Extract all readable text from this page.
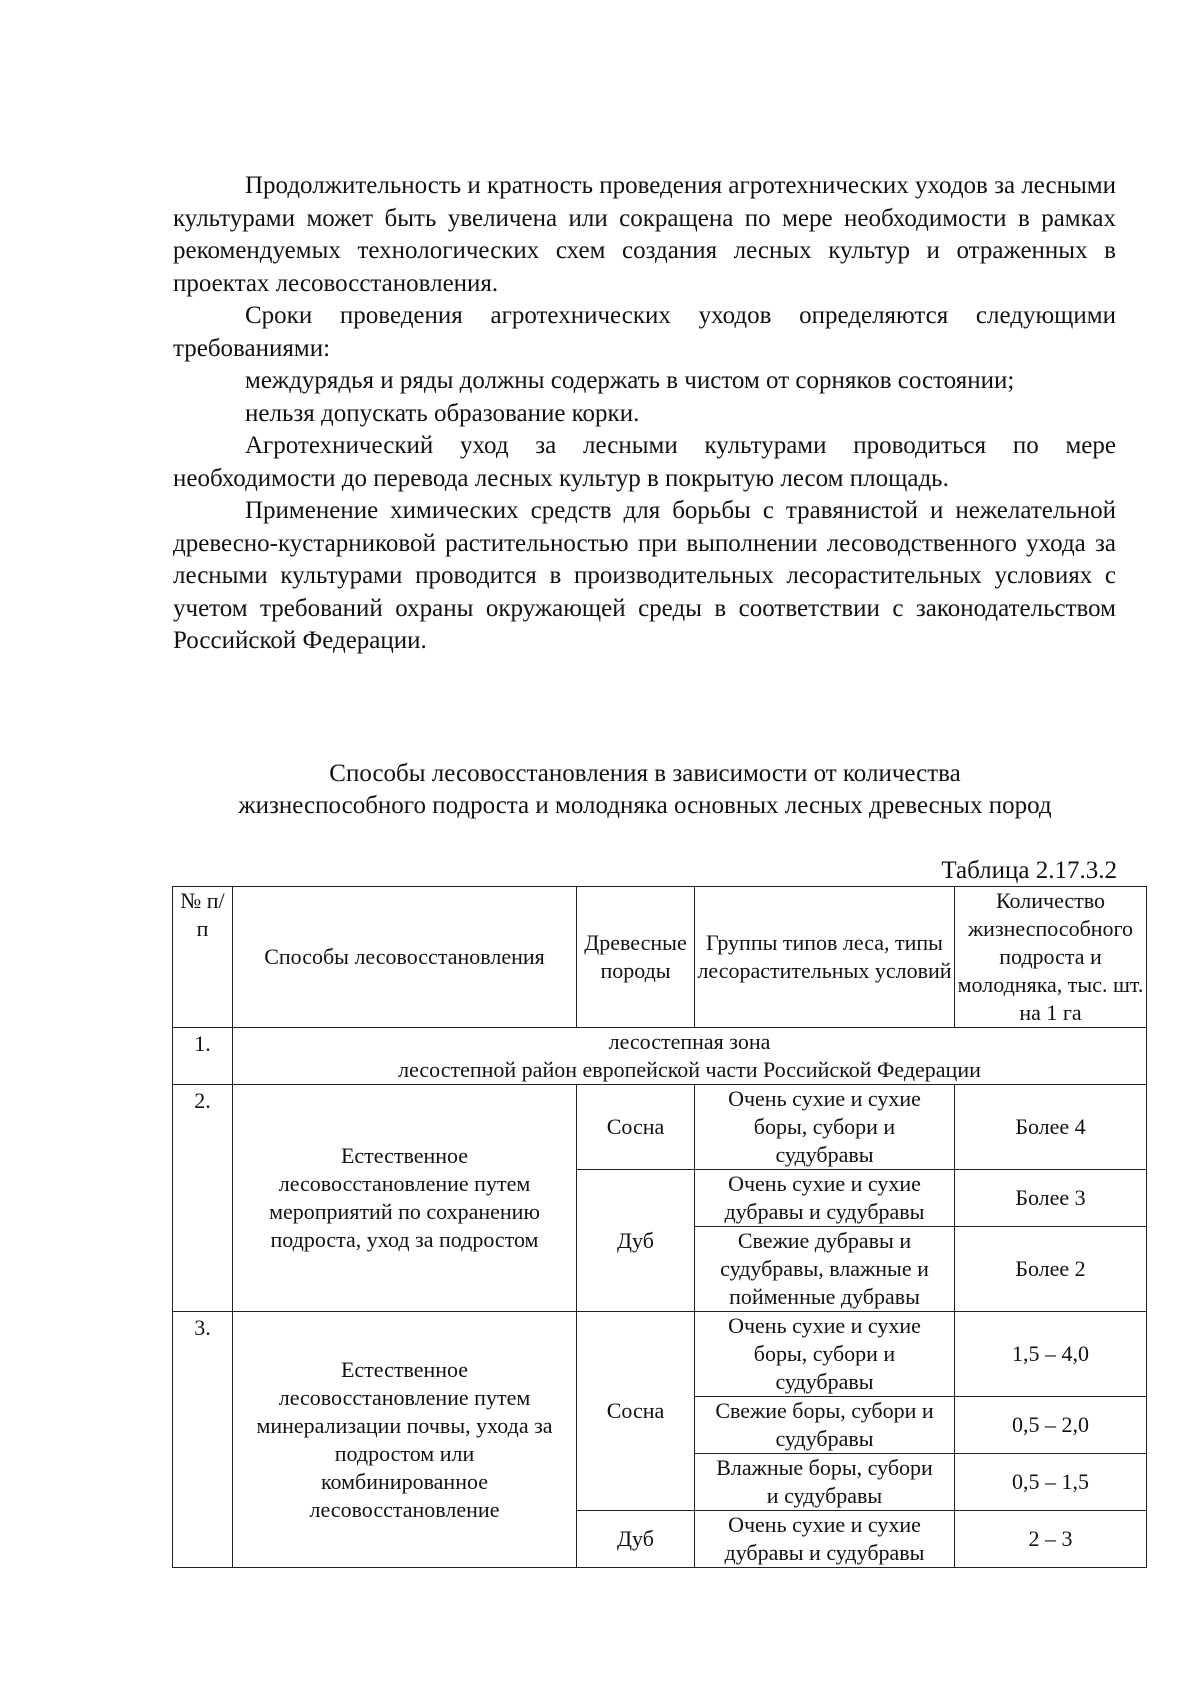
Продолжительность и кратность проведения агротехнических уходов за лесными культурами может быть увеличена или сокращена по мере необходимости в рамках рекомендуемых технологических схем создания лесных культур и отраженных в проектах лесовосстановления.

Сроки проведения агротехнических уходов определяются следующими требованиями:

междурядья и ряды должны содержать в чистом от сорняков состоянии;

нельзя допускать образование корки.

Агротехнический уход за лесными культурами проводиться по мере необходимости до перевода лесных культур в покрытую лесом площадь.

Применение химических средств для борьбы с травянистой и нежелательной древесно-кустарниковой растительностью при выполнении лесоводственного ухода за лесными культурами проводится в производительных лесорастительных условиях с учетом требований охраны окружающей среды в соответствии с законодательством Российской Федерации.

Способы лесовосстановления в зависимости от количества
жизнеспособного подроста и молодняка основных лесных древесных пород
Таблица 2.17.3.2
№ п/п	Способы лесовосстановления	Древесные породы	Группы типов леса, типы лесорастительных условий	Количество жизнеспособного подроста и молодняка, тыс. шт. на 1 га
1.	лесостепная зона
лесостепной район европейской части Российской Федерации			

2.	Естественное лесовосстановление путем мероприятий по сохранению подроста, уход за подростом	Сосна	Очень сухие и сухие боры, субори и судубравы	Более 4
		Дуб	Очень сухие и сухие дубравы и судубравы	Более 3
			Свежие дубравы и судубравы, влажные и пойменные дубравы	Более 2
3.	Естественное лесовосстановление путем минерализации почвы, ухода за подростом или комбинированное лесовосстановление	Сосна	Очень сухие и сухие боры, субори и судубравы	1,5 – 4,0
			Свежие боры, субори и судубравы	0,5 – 2,0
			Влажные боры, субори и судубравы	0,5 – 1,5
		Дуб	Очень сухие и сухие дубравы и судубравы	2 – 3
